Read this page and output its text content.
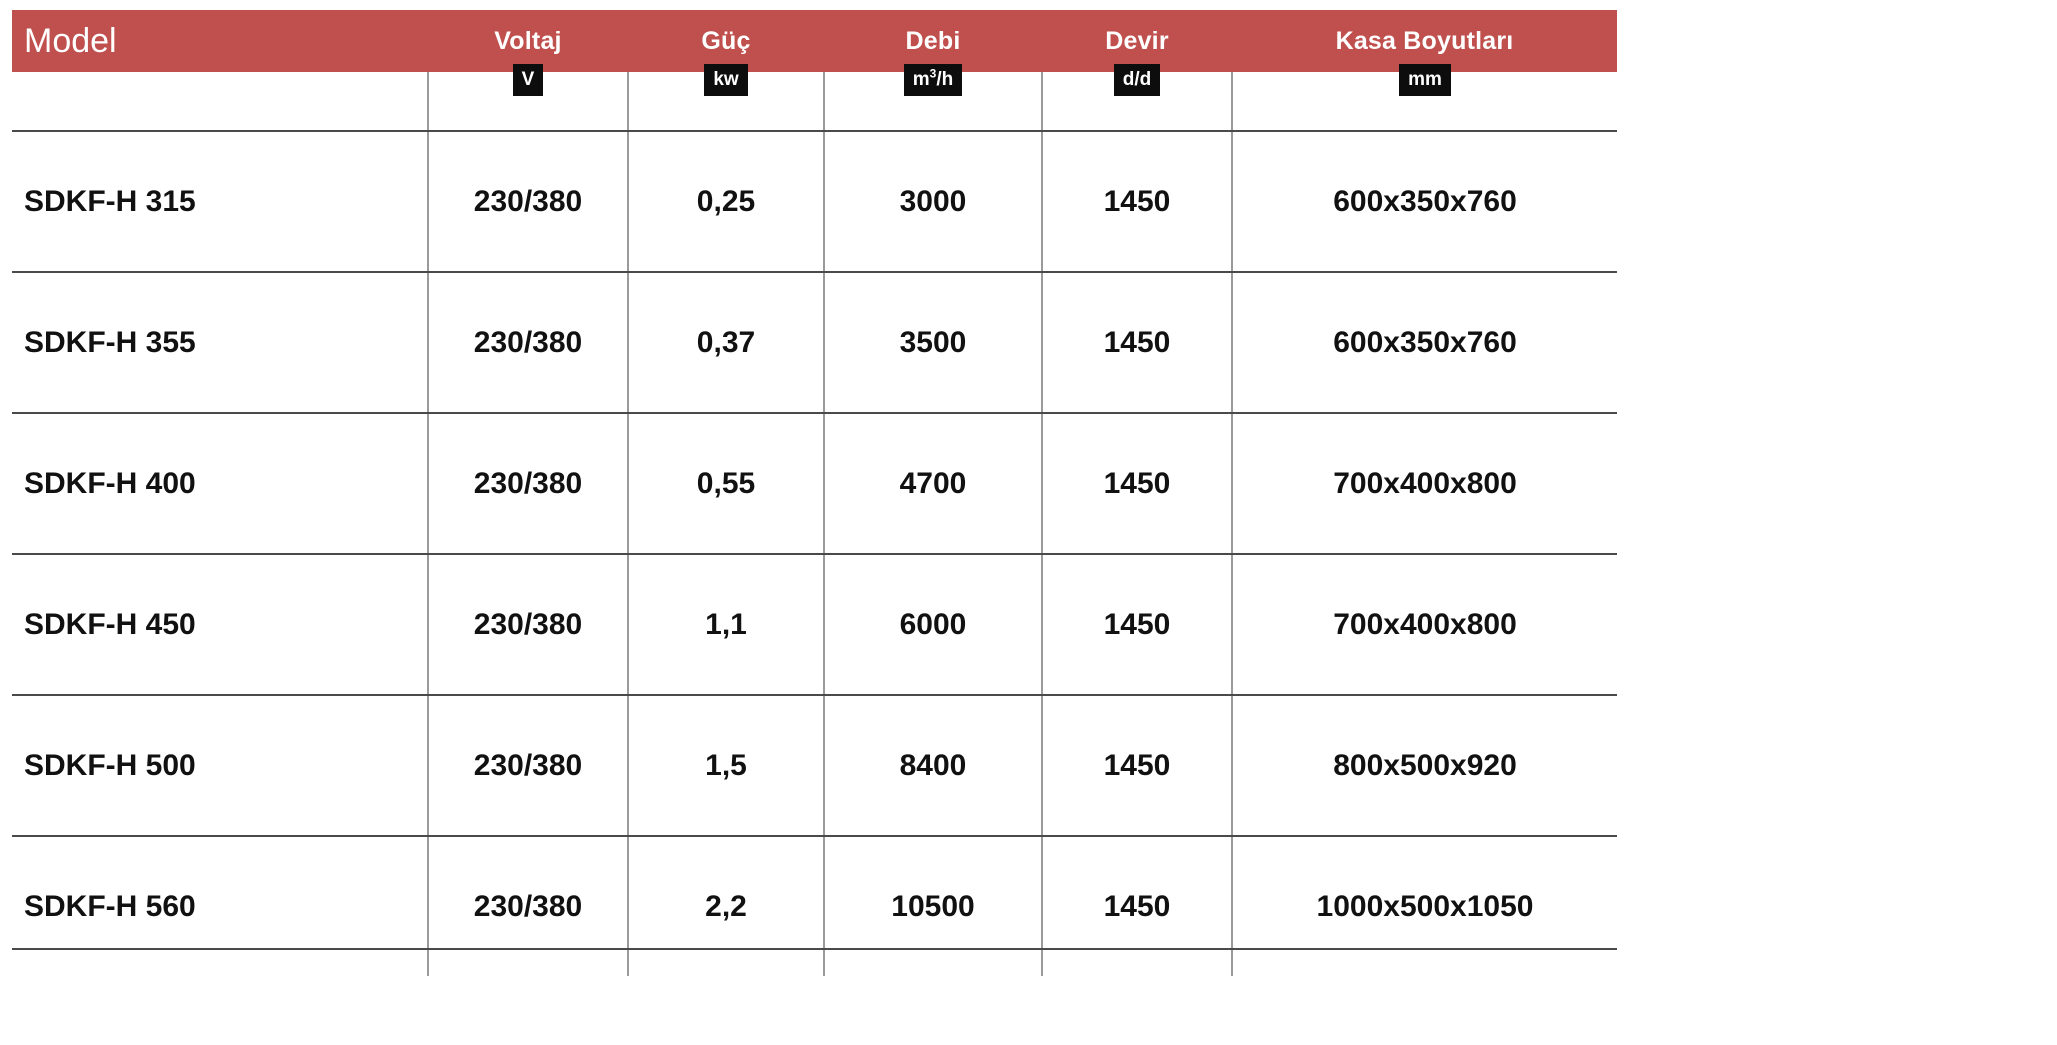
Model	Voltaj	Güç	Debi	Devir	Kasa Boyutları
	V	kw	$m^3/h$	d/d	mm
SDKF-H 315	230/380	0,25	3000	1450	600x350x760
SDKF-H 355	230/380	0,37	3500	1450	600x350x760
SDKF-H 400	230/380	0,55	4700	1450	700x400x800
SDKF-H 450	230/380	1,1	6000	1450	700x400x800
SDKF-H 500	230/380	1,5	8400	1450	800x500x920
SDKF-H 560	230/380	2,2	10500	1450	1000x500x1050
